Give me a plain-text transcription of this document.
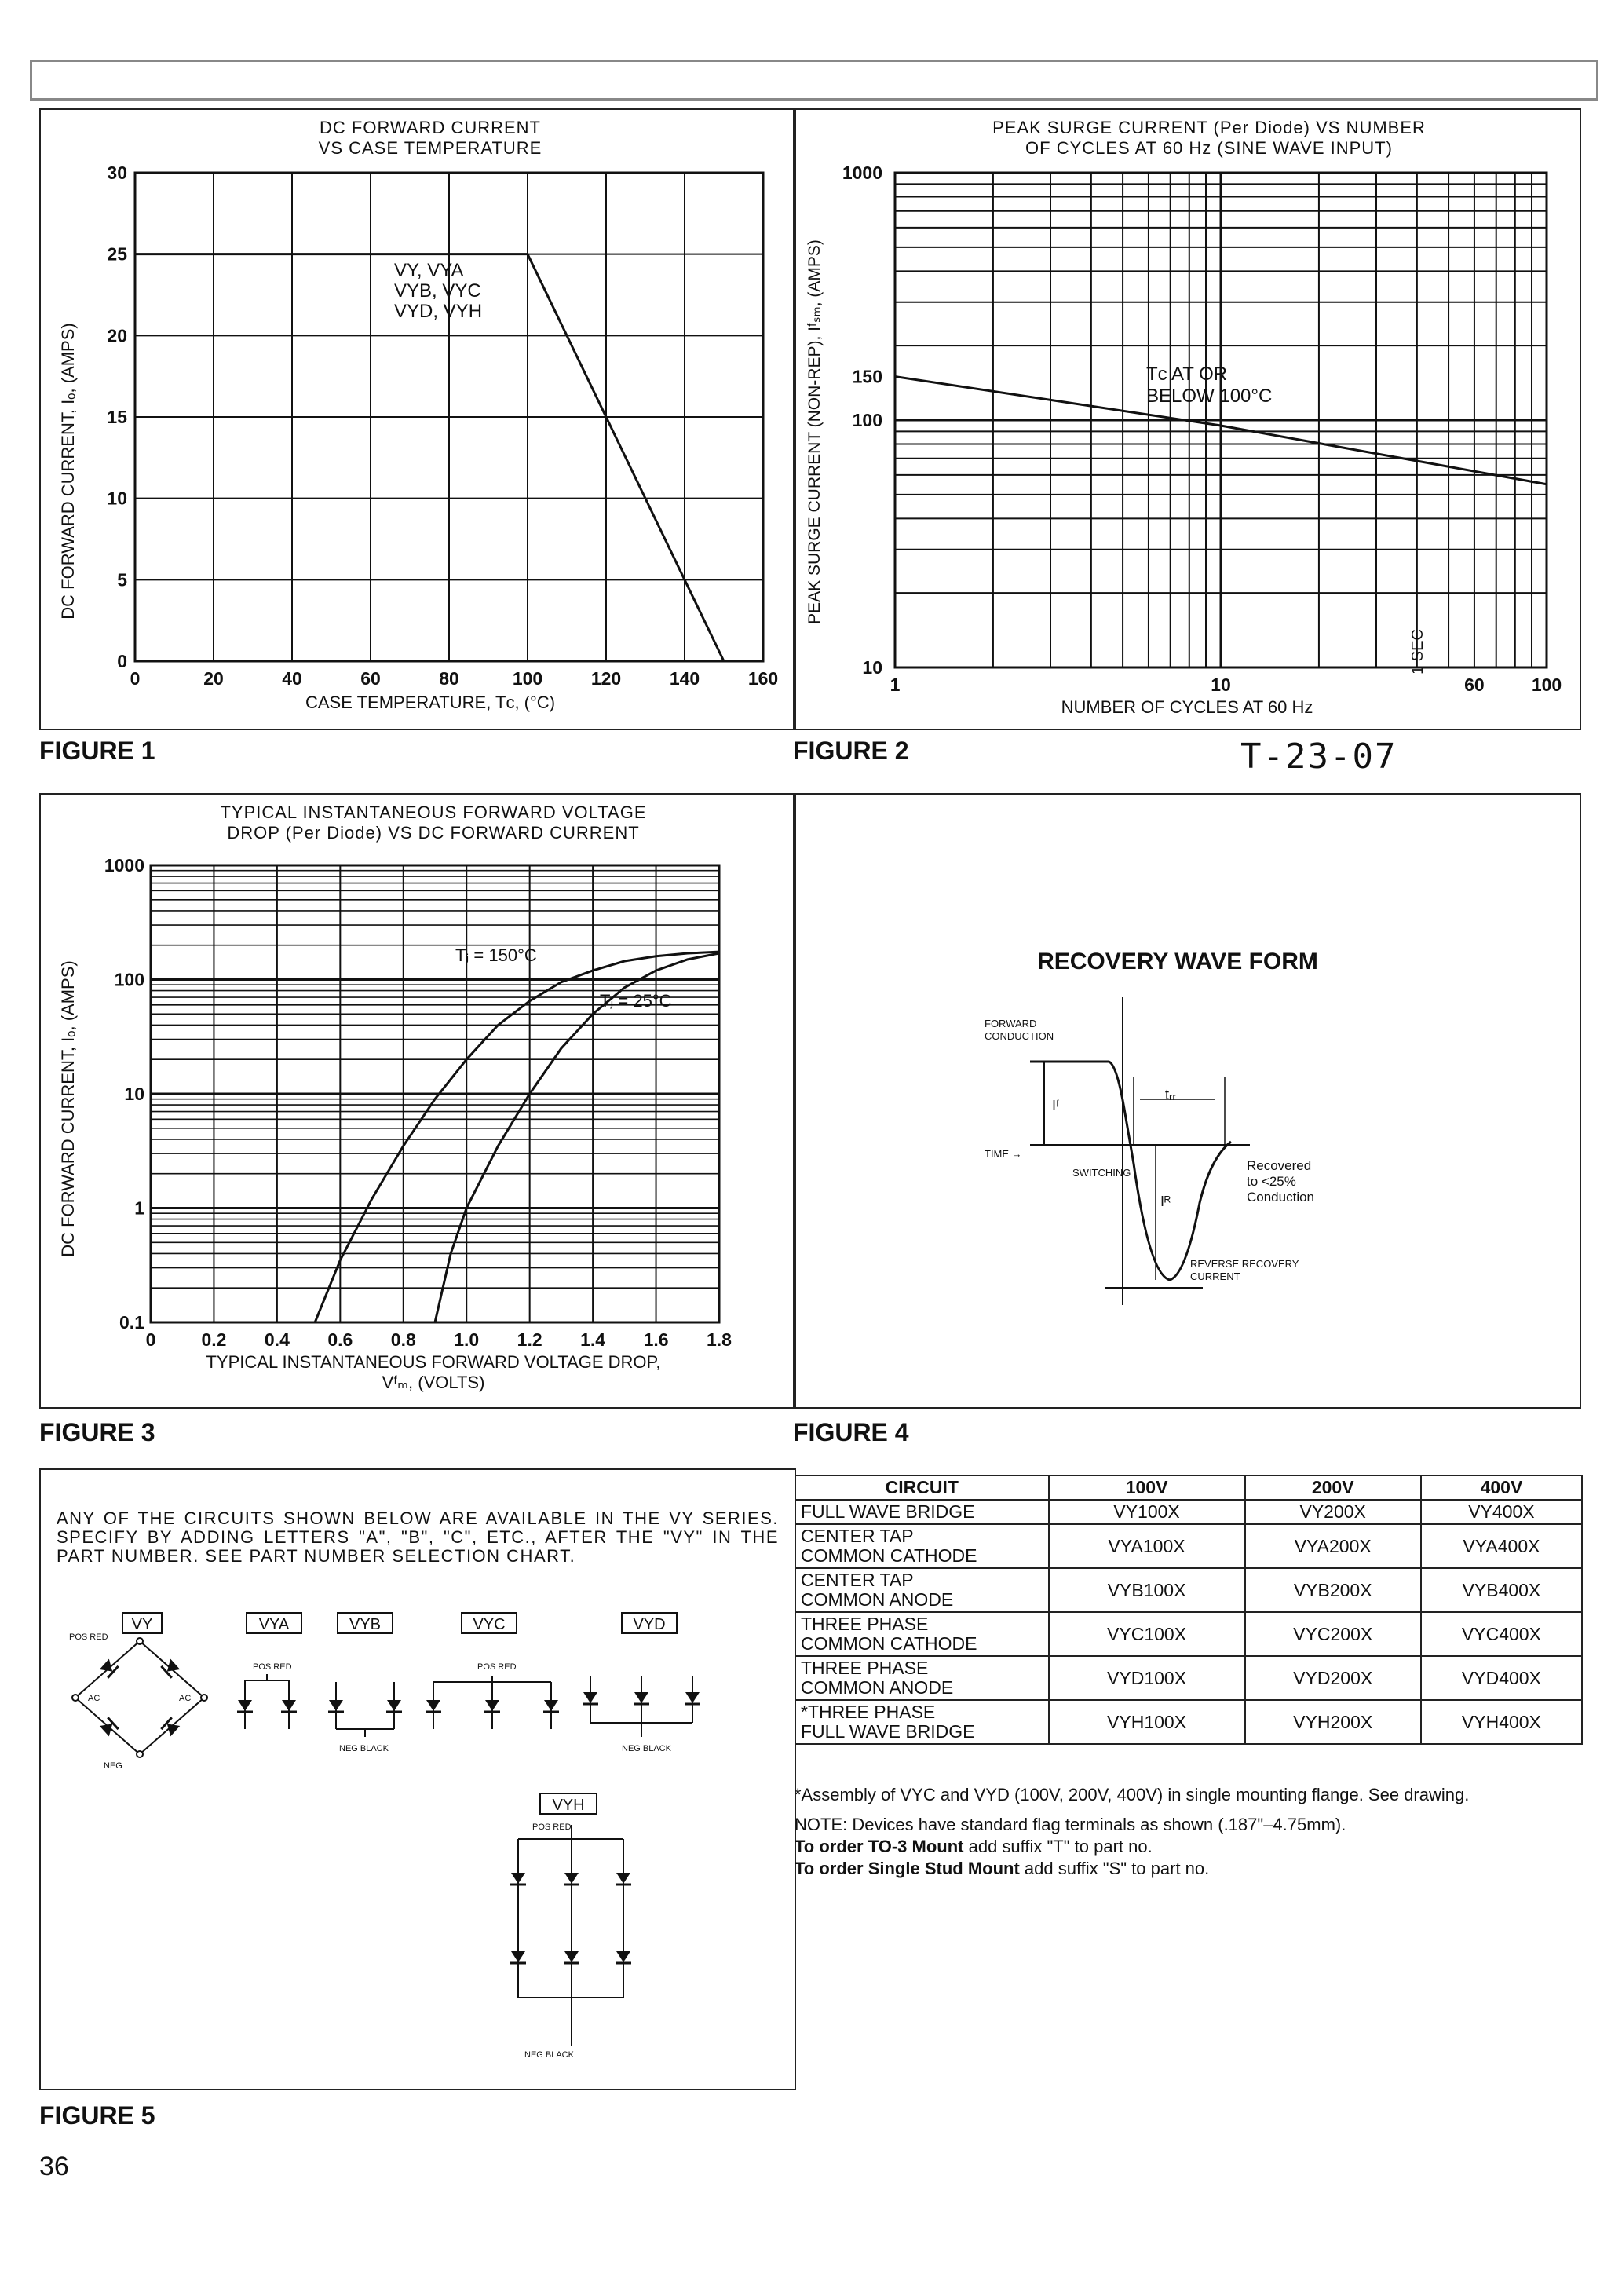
DC FORWARD CURRENT
VS CASE TEMPERATURE
0	20	40	60	80	100	120	140	160
0
5
10
15
20
25
30
VY, VYA
VYB, VYC
VYD, VYH
CASE TEMPERATURE, Tᴄ, (°C)
DC FORWARD CURRENT, Iₒ, (AMPS)
FIGURE 1
PEAK SURGE CURRENT (Per Diode) VS NUMBER
OF CYCLES AT 60 Hz (SINE WAVE INPUT)
1	10	60	100
10
100
150
1000
Tᴄ AT OR
BELOW 100°C
1 SEC
NUMBER OF CYCLES AT 60 Hz
PEAK SURGE CURRENT (NON-REP), Iᶠₛₘ, (AMPS)
FIGURE 2	T-23-07
TYPICAL INSTANTANEOUS FORWARD VOLTAGE
DROP (Per Diode) VS DC FORWARD CURRENT
0	0.2 0.4 0.6 0.8 1.0 1.2 1.4 1.6 1.8
0.1
1
10
100
1000
Tⱼ = 150°C
Tⱼ = 25°C
TYPICAL INSTANTANEOUS FORWARD VOLTAGE DROP,
Vᶠₘ, (VOLTS)
DC FORWARD CURRENT, Iₒ, (AMPS)
FIGURE 3
RECOVERY WAVE FORM
FORWARD
CONDUCTION
TIME →
SWITCHING
Iᶠ
Iᴿ
tᵣᵣ
Recovered
to <25%
Conduction
REVERSE RECOVERY
CURRENT
FIGURE 4
ANY OF THE CIRCUITS SHOWN BELOW ARE AVAILABLE IN THE VY SERIES. SPECIFY BY ADDING LETTERS "A", "B", "C", ETC., AFTER THE "VY" IN THE PART NUMBER. SEE PART NUMBER SELECTION CHART.
VY	VYA	VYB	VYC	VYD
VYH
POS RED
NEG
AC	AC
POS RED
NEG BLACK
POS RED
NEG BLACK
POS RED
NEG BLACK
FIGURE 5
CIRCUIT	100V	200V	400V

FULL WAVE BRIDGE	VY100X	VY200X	VY400X

CENTER TAP
COMMON CATHODE	VYA100X	VYA200X	VYA400X

CENTER TAP
COMMON ANODE	VYB100X	VYB200X	VYB400X

THREE PHASE
COMMON CATHODE	VYC100X	VYC200X	VYC400X

THREE PHASE
COMMON ANODE	VYD100X	VYD200X	VYD400X

*THREE PHASE
FULL WAVE BRIDGE	VYH100X	VYH200X	VYH400X

*Assembly of VYC and VYD (100V, 200V, 400V) in single mounting flange. See drawing.

NOTE: Devices have standard flag terminals as shown (.187"–4.75mm).

To order TO-3 Mount add suffix "T" to part no.

To order Single Stud Mount add suffix "S" to part no.

36
